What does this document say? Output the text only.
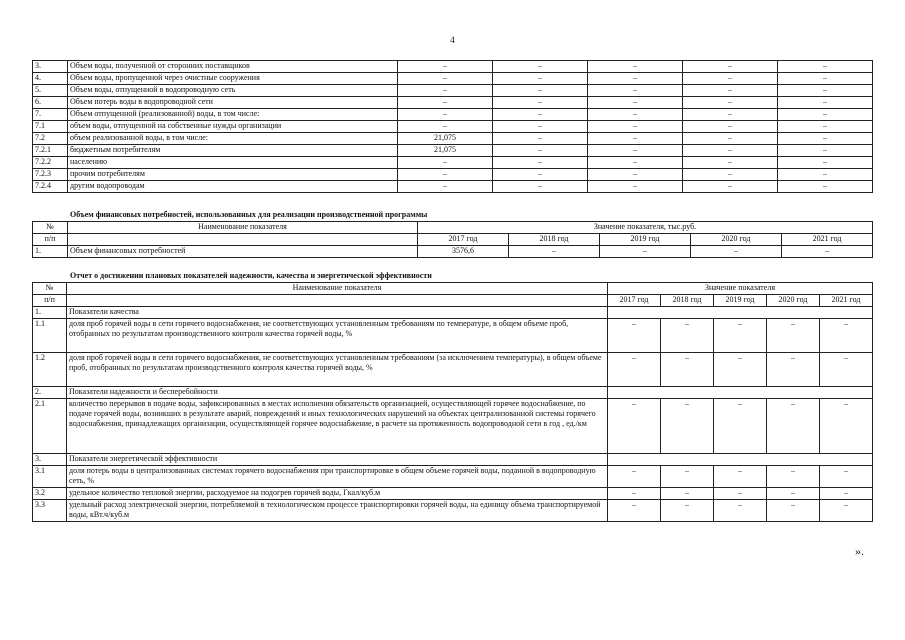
4
3.	Объем воды, полученной от сторонних поставщиков	–	–	–	–	–
4.	Объем воды, пропущенной через очистные сооружения	–	–	–	–	–
5.	Объем воды, отпущенной в водопроводную сеть	–	–	–	–	–
6.	Объем потерь воды в водопроводной сети	–	–	–	–	–
7.	Объем отпущенной (реализованной) воды, в том числе:	–	–	–	–	–
7.1	объем воды, отпущенной на собственные нужды организации	–	–	–	–	–
7.2	объем реализованной воды, в том числе:	21,075	–	–	–	–
7.2.1	бюджетным потребителям	21,075	–	–	–	–
7.2.2	населению	–	–	–	–	–
7.2.3	прочим потребителям	–	–	–	–	–
7.2.4	другим водопроводам	–	–	–	–	–
Объем финансовых потребностей, использованных для реализации производственной программы
№	Наименование показателя	Значение показателя, тыс.руб.				
п/п		2017 год	2018 год	2019 год	2020 год	2021 год
1.	Объем финансовых потребностей	3576,6	–	–	–	–
Отчет о достижении плановых показателей надежности, качества и энергетической эффективности
№	Наименование показателя	Значение показателя				
п/п		2017 год	2018 год	2019 год	2020 год	2021 год
1.	Показатели качества					
1.1	доля проб горячей воды в сети горячего водоснабжения, не соответствующих установленным требованиям по температуре, в общем объеме проб, отобранных по результатам производственного контроля качества горячей воды, %	–	–	–	–	–
1.2	доля проб горячей воды в сети горячего водоснабжения, не соответствующих установленным требованиям (за исключением температуры), в общем объеме проб, отобранных по результатам производственного контроля качества горячей воды, %	–	–	–	–	–
2.	Показатели надежности и бесперебойности					
2.1	количество перерывов в подаче воды, зафиксированных в местах исполнения обязательств организацией, осуществляющей горячее водоснабжение, по подаче горячей воды, возникших в результате аварий, повреждений и иных технологических нарушений на объектах централизованной системы горячего водоснабжения, принадлежащих организации, осуществляющей горячее водоснабжение, в расчете на протяженность водопроводной сети в год , ед./км	–	–	–	–	–
3.	Показатели энергетической эффективности					
3.1	доля потерь воды в централизованных системах горячего водоснабжения при транспортировке в общем объеме горячей воды, поданной в водопроводную сеть, %	–	–	–	–	–
3.2	удельное количество тепловой энергии, расходуемое на подогрев горячей воды, Гкал/куб.м	–	–	–	–	–
3.3	удельный расход электрической энергии, потребляемой в технологическом процессе транспортировки горячей воды, на единицу объема транспортируемой воды, кВт.ч/куб.м	–	–	–	–	–
».
